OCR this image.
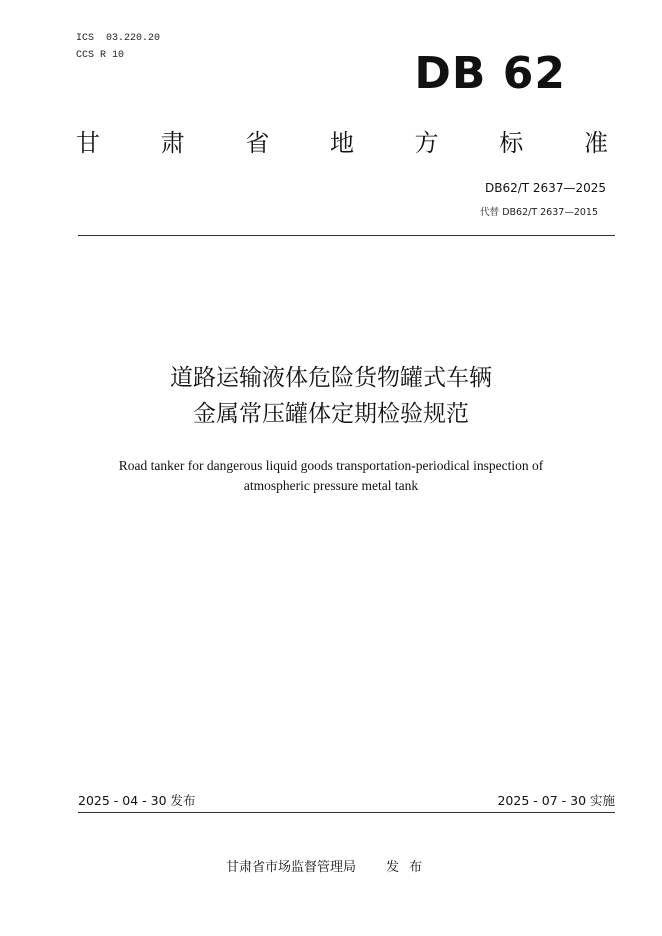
ICS  03.220.20
CCS R 10	DB 62
甘	肃	省	地	方	标	准
DB62/T 2637—2025
代替 DB62/T 2637—2015
道路运输液体危险货物罐式车辆
金属常压罐体定期检验规范
Road tanker for dangerous liquid goods transportation-periodical inspection of
atmospheric pressure metal tank
2025 - 04 - 30 发布	2025 - 07 - 30 实施
甘肃省市场监督管理局 发布
